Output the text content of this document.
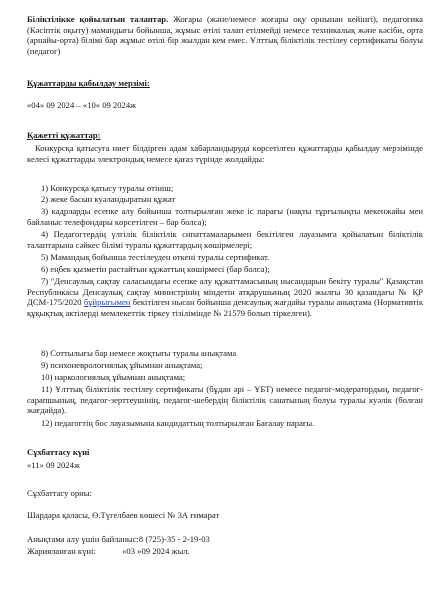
Біліктілікке қойылатын талаптар. Жоғары (және/немесе жоғары оқу орнынан кейінгі), педагогика (Кәсіптік оқыту) мамандығы бойынша, жұмыс өтілі талап етілмейді немесе техникалық және кәсіби, орта (арнайы-орта) білімі бар жұмыс өтілі бір жылдан кем емес. Ұлттық біліктілік тестілеу сертификаты болуы (педагог)

Құжаттарды қабылдау мерзімі:

«04» 09 2024 – «10» 09 2024ж

Қажетті құжаттар:

Конкурсқа қатысуға ниет білдірген адам хабарландыруда көрсетілген құжаттарды қабылдау мерзімінде келесі құжаттарды электрондық немесе қағаз түрінде жолдайды:

1) Конкурсқа қатысу туралы өтініш;

2) жеке басын куәландыратын құжат

3) кадрларды есепке алу бойынша толтырылған жеке іс парағы (нақты тұрғылықты мекенжайы мен байланыс телефондары көрсетілген – бар болса);

4) Педагогтердің үлгілік біліктілік сипаттамаларымен бекітілген лауазымға қойылатын біліктілік талаптарына сәйкес білімі туралы құжаттардың көшірмелері;

5) Мамандық бойынша тестілеуден өткені туралы сертификат.

6) еңбек қызметін растайтын құжаттың көшірмесі (бар болса);

7) "Денсаулық сақтау саласындағы есепке алу құжаттамасының нысандарын бекіту туралы" Қазақстан Республикасы Денсаулық сақтау министрінің міндетін атқарушының 2020 жылғы 30 қазандағы № ҚР ДСМ-175/2020 бұйрығымен бекітілген нысан бойынша денсаулық жағдайы туралы анықтама (Нормативтік құқықтық актілерді мемлекеттік тіркеу тізілімінде № 21579 болып тіркелген).

8) Соттылығы бар немесе жоқтығы туралы анықтама

9) психоневрологиялық ұйымнан анықтама;

10) наркологиялық ұйымнан анықтама;

11) Ұлттық біліктілік тестілеу сертификаты (бұдан әрі – ҰБТ) немесе педагог-модератордың, педагог-сарапшының, педагог-зерттеушінің, педагог-шебердің біліктілік санатының болуы туралы куәлік (болған жағдайда).

12) педагогтің бос лауазымына кандидаттың толтырылған Бағалау парағы.

Сұхбаттасу күні

«11» 09 2024ж

Сұхбаттасу орны:

Шардара қаласы, Ө.Түгелбаев көшесі № 3А ғимарат

Анықтама алу үшін байланыс:8 (725)-35 - 2-19-03

Жарияланған күні:	«03 »09 2024 жыл.
